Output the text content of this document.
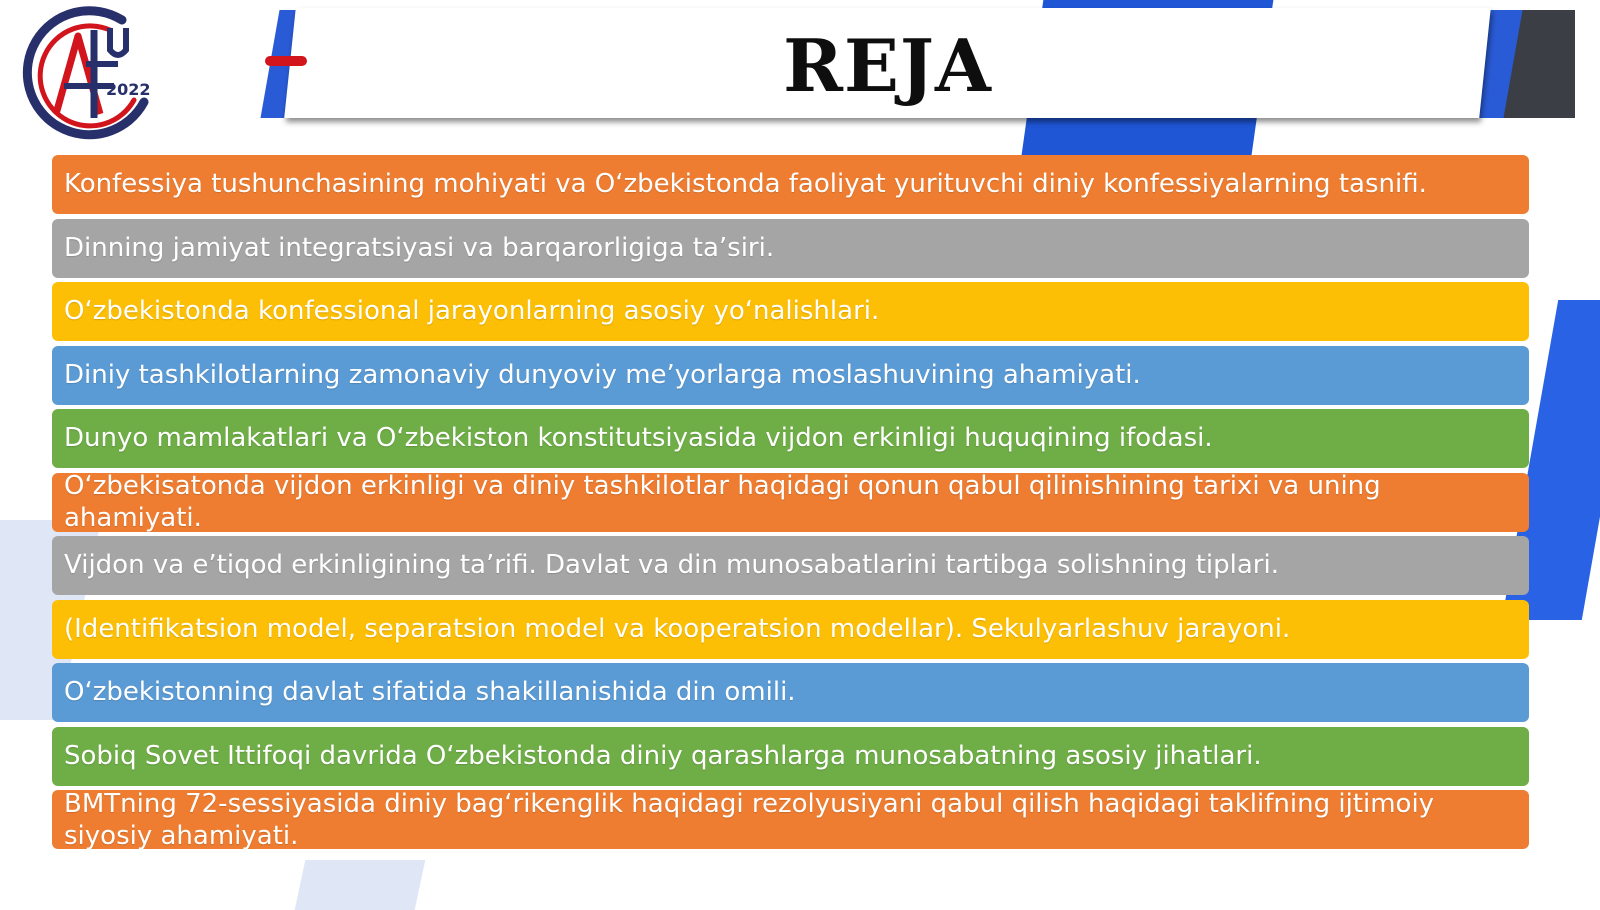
2022	REJA
Konfessiya tushunchasining mohiyati va O‘zbekistonda faoliyat yurituvchi diniy konfessiyalarning tasnifi.
Dinning jamiyat integratsiyasi va barqarorligiga ta’siri.
O‘zbekistonda konfessional jarayonlarning asosiy yo‘nalishlari.
Diniy tashkilotlarning zamonaviy dunyoviy me’yorlarga moslashuvining ahamiyati.
Dunyo mamlakatlari va O‘zbekiston konstitutsiyasida vijdon erkinligi huquqining ifodasi.
O‘zbekisatonda vijdon erkinligi va diniy tashkilotlar haqidagi qonun qabul qilinishining tarixi va uning ahamiyati.
Vijdon va e’tiqod erkinligining ta’rifi. Davlat va din munosabatlarini tartibga solishning tiplari.
(Identifikatsion model, separatsion model va kooperatsion modellar). Sekulyarlashuv jarayoni.
O‘zbekistonning davlat sifatida shakillanishida din omili.
Sobiq Sovet Ittifoqi davrida O‘zbekistonda diniy qarashlarga munosabatning asosiy jihatlari.
BMTning 72-sessiyasida diniy bag‘rikenglik haqidagi rezolyusiyani qabul qilish haqidagi taklifning ijtimoiy siyosiy ahamiyati.
